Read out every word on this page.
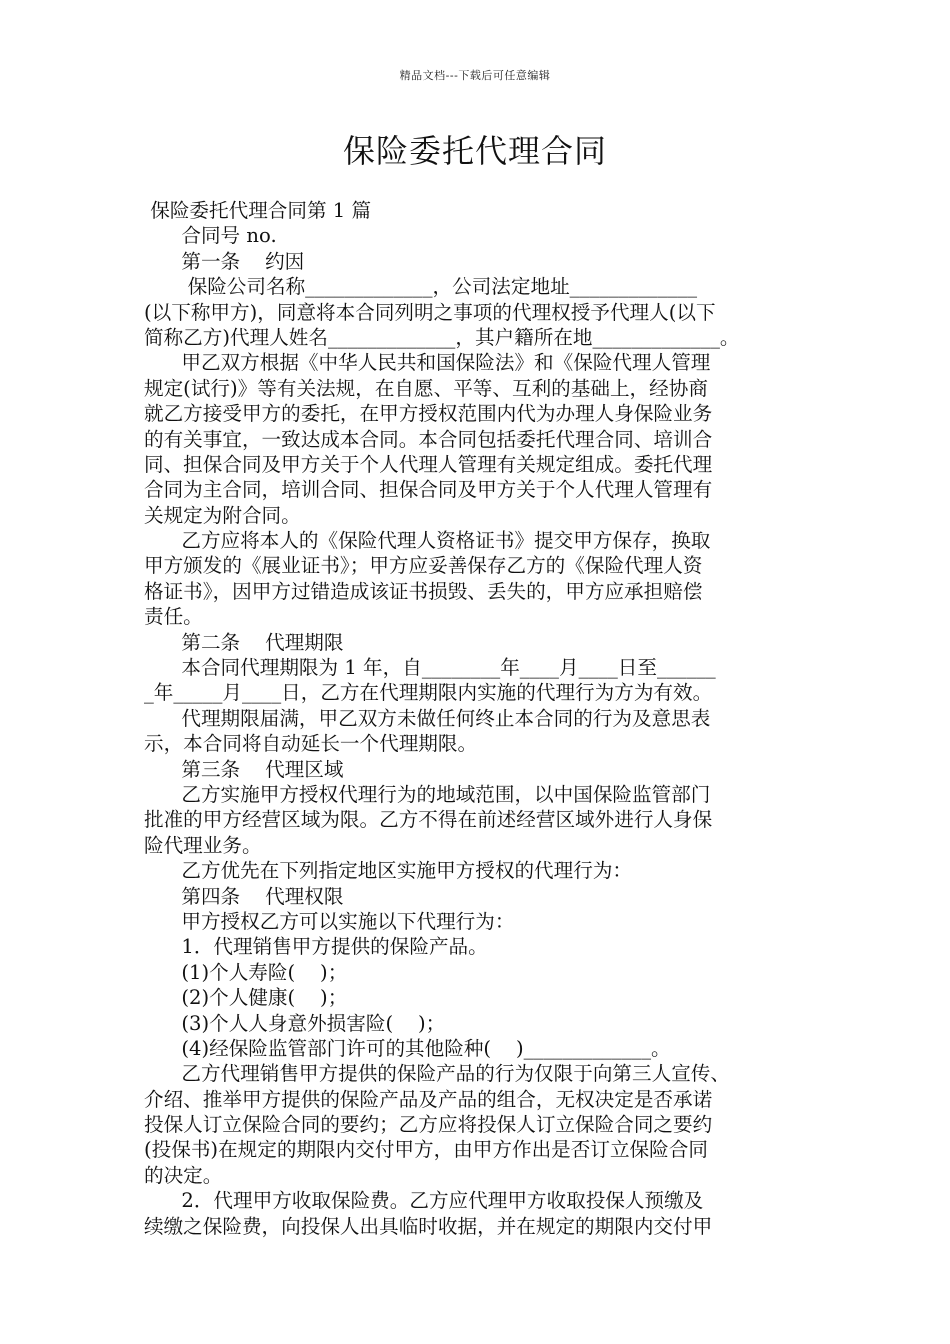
精品文档---下载后可任意编辑
保险委托代理合同
保险委托代理合同第 1 篇
合同号 no.
第一条    约因
保险公司名称_____________，公司法定地址_____________
(以下称甲方)，同意将本合同列明之事项的代理权授予代理人(以下
简称乙方)代理人姓名_____________，其户籍所在地_____________。
甲乙双方根据《中华人民共和国保险法》和《保险代理人管理
规定(试行)》等有关法规，在自愿、平等、互利的基础上，经协商
就乙方接受甲方的委托，在甲方授权范围内代为办理人身保险业务
的有关事宜，一致达成本合同。本合同包括委托代理合同、培训合
同、担保合同及甲方关于个人代理人管理有关规定组成。委托代理
合同为主合同，培训合同、担保合同及甲方关于个人代理人管理有
关规定为附合同。
乙方应将本人的《保险代理人资格证书》提交甲方保存，换取
甲方颁发的《展业证书》；甲方应妥善保存乙方的《保险代理人资
格证书》，因甲方过错造成该证书损毁、丢失的，甲方应承担赔偿
责任。
第二条    代理期限
本合同代理期限为 1 年，自________年____月____日至______
_年_____月____日，乙方在代理期限内实施的代理行为方为有效。
代理期限届满，甲乙双方未做任何终止本合同的行为及意思表
示，本合同将自动延长一个代理期限。
第三条    代理区域
乙方实施甲方授权代理行为的地域范围，以中国保险监管部门
批准的甲方经营区域为限。乙方不得在前述经营区域外进行人身保
险代理业务。
乙方优先在下列指定地区实施甲方授权的代理行为：
第四条    代理权限
甲方授权乙方可以实施以下代理行为：
1．代理销售甲方提供的保险产品。
(1)个人寿险(    )；
(2)个人健康(    )；
(3)个人人身意外损害险(    )；
(4)经保险监管部门许可的其他险种(    )_____________。
乙方代理销售甲方提供的保险产品的行为仅限于向第三人宣传、
介绍、推举甲方提供的保险产品及产品的组合，无权决定是否承诺
投保人订立保险合同的要约；乙方应将投保人订立保险合同之要约
(投保书)在规定的期限内交付甲方，由甲方作出是否订立保险合同
的决定。
2．代理甲方收取保险费。乙方应代理甲方收取投保人预缴及
续缴之保险费，向投保人出具临时收据，并在规定的期限内交付甲
